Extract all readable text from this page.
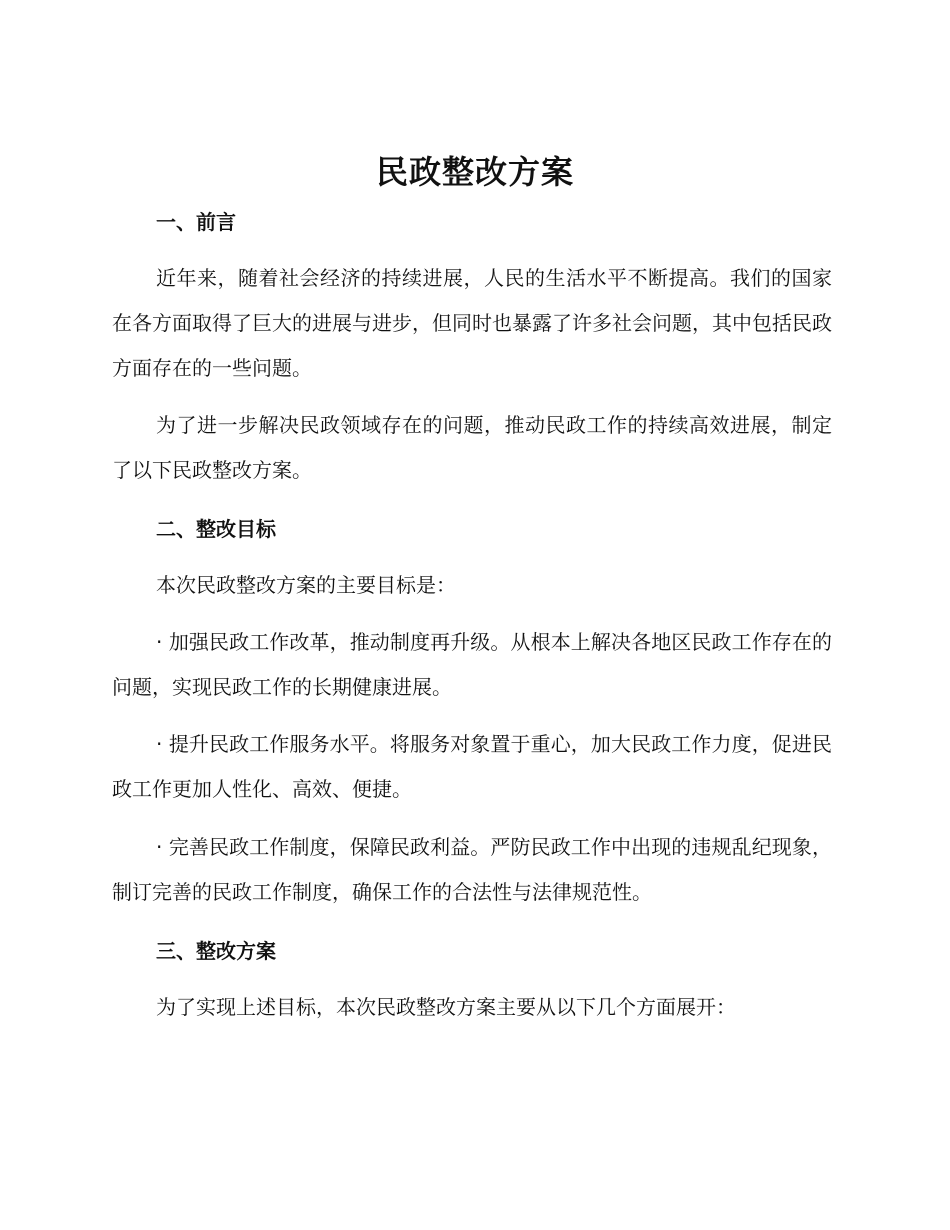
民政整改方案
一、前言
近年来，随着社会经济的持续进展，人民的生活水平不断提高。我们的国家在各方面取得了巨大的进展与进步，但同时也暴露了许多社会问题，其中包括民政方面存在的一些问题。
为了进一步解决民政领域存在的问题，推动民政工作的持续高效进展，制定了以下民政整改方案。
二、整改目标
本次民政整改方案的主要目标是：
· 加强民政工作改革，推动制度再升级。从根本上解决各地区民政工作存在的问题，实现民政工作的长期健康进展。
· 提升民政工作服务水平。将服务对象置于重心，加大民政工作力度，促进民政工作更加人性化、高效、便捷。
· 完善民政工作制度，保障民政利益。严防民政工作中出现的违规乱纪现象，制订完善的民政工作制度，确保工作的合法性与法律规范性。
三、整改方案
为了实现上述目标，本次民政整改方案主要从以下几个方面展开：
